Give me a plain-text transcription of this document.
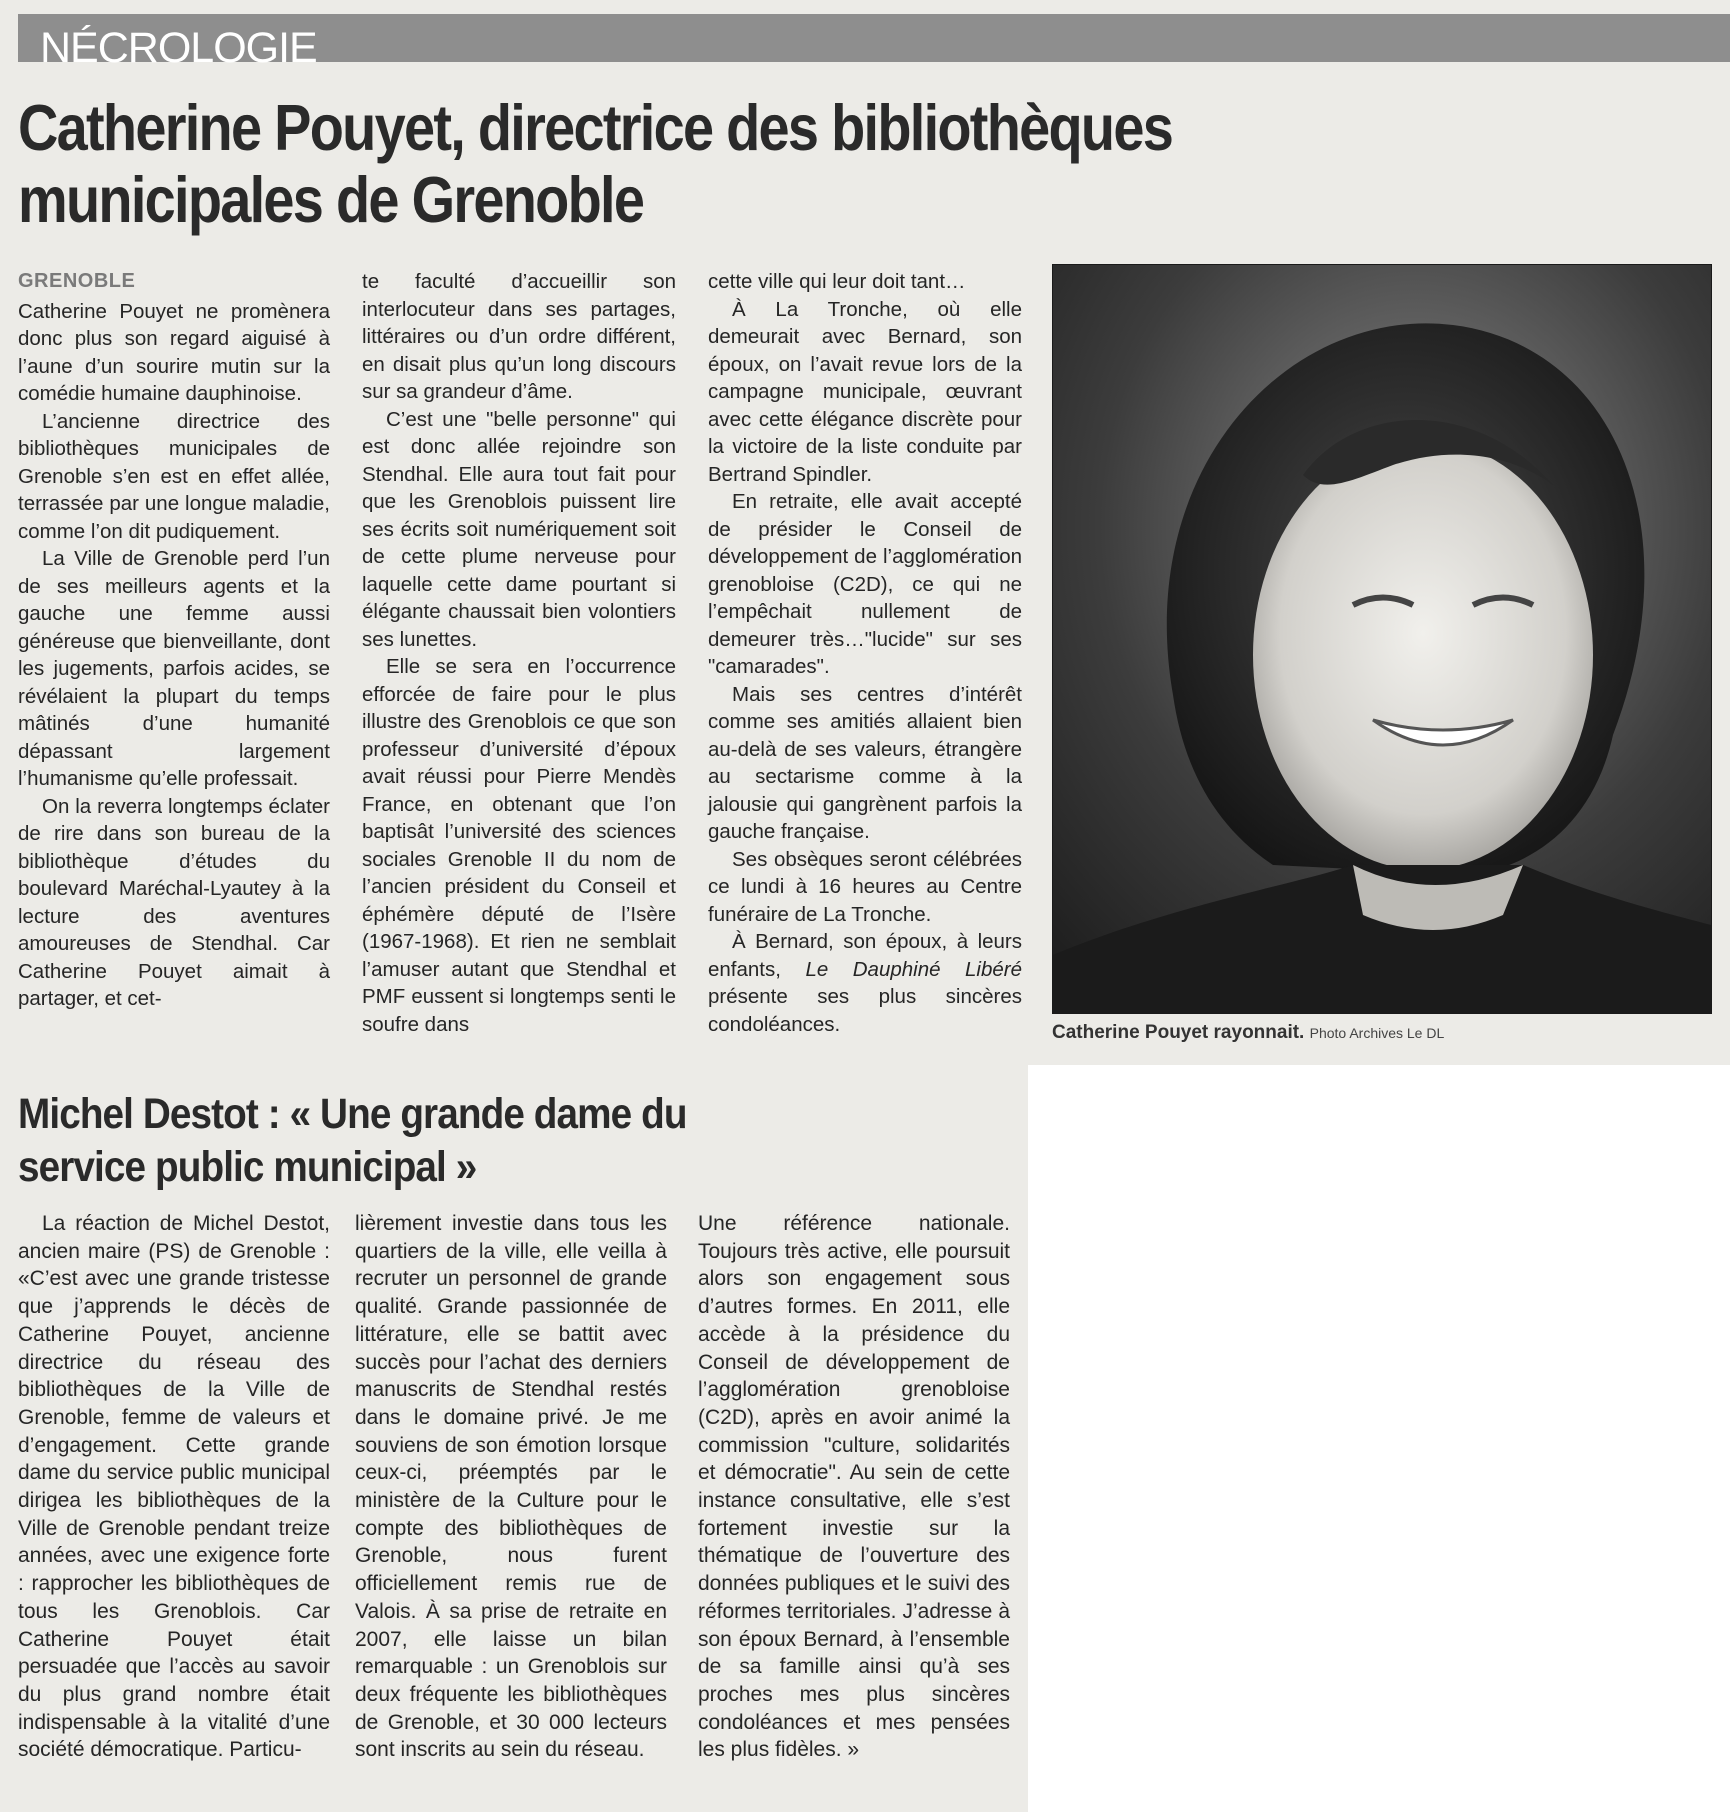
NÉCROLOGIE
Catherine Pouyet, directrice des bibliothèques municipales de Grenoble
GRENOBLE

Catherine Pouyet ne promènera donc plus son regard aiguisé à l’aune d’un sourire mutin sur la comédie humaine dauphinoise.

L’ancienne directrice des bibliothèques municipales de Grenoble s’en est en effet allée, terrassée par une longue maladie, comme l’on dit pudiquement.

La Ville de Grenoble perd l’un de ses meilleurs agents et la gauche une femme aussi généreuse que bienveillante, dont les jugements, parfois acides, se révélaient la plupart du temps mâtinés d’une humanité dépassant largement l’humanisme qu’elle professait.

On la reverra longtemps éclater de rire dans son bureau de la bibliothèque d’études du boulevard Maréchal-Lyautey à la lecture des aventures amoureuses de Stendhal. Car Catherine Pouyet aimait à partager, et cet-

te faculté d’accueillir son interlocuteur dans ses partages, littéraires ou d’un ordre différent, en disait plus qu’un long discours sur sa grandeur d’âme.

C’est une "belle personne" qui est donc allée rejoindre son Stendhal. Elle aura tout fait pour que les Grenoblois puissent lire ses écrits soit numériquement soit de cette plume nerveuse pour laquelle cette dame pourtant si élégante chaussait bien volontiers ses lunettes.

Elle se sera en l’occurrence efforcée de faire pour le plus illustre des Grenoblois ce que son professeur d’université d’époux avait réussi pour Pierre Mendès France, en obtenant que l’on baptisât l’université des sciences sociales Grenoble II du nom de l’ancien président du Conseil et éphémère député de l’Isère (1967-1968). Et rien ne semblait l’amuser autant que Stendhal et PMF eussent si longtemps senti le soufre dans

cette ville qui leur doit tant…

À La Tronche, où elle demeurait avec Bernard, son époux, on l’avait revue lors de la campagne municipale, œuvrant avec cette élégance discrète pour la victoire de la liste conduite par Bertrand Spindler.

En retraite, elle avait accepté de présider le Conseil de développement de l’agglomération grenobloise (C2D), ce qui ne l’empêchait nullement de demeurer très…"lucide" sur ses "camarades".

Mais ses centres d’intérêt comme ses amitiés allaient bien au-delà de ses valeurs, étrangère au sectarisme comme à la jalousie qui gangrènent parfois la gauche française.

Ses obsèques seront célébrées ce lundi à 16 heures au Centre funéraire de La Tronche.

À Bernard, son époux, à leurs enfants, Le Dauphiné Libéré présente ses plus sincères condoléances.	Catherine Pouyet rayonnait. Photo Archives Le DL
Michel Destot : « Une grande dame du service public municipal »

La réaction de Michel Destot, ancien maire (PS) de Grenoble : «C’est avec une grande tristesse que j’apprends le décès de Catherine Pouyet, ancienne directrice du réseau des bibliothèques de la Ville de Grenoble, femme de valeurs et d’engagement. Cette grande dame du service public municipal dirigea les bibliothèques de la Ville de Grenoble pendant treize années, avec une exigence forte : rapprocher les bibliothèques de tous les Grenoblois. Car Catherine Pouyet était persuadée que l’accès au savoir du plus grand nombre était indispensable à la vitalité d’une société démocratique. Particu-

lièrement investie dans tous les quartiers de la ville, elle veilla à recruter un personnel de grande qualité. Grande passionnée de littérature, elle se battit avec succès pour l’achat des derniers manuscrits de Stendhal restés dans le domaine privé. Je me souviens de son émotion lorsque ceux-ci, préemptés par le ministère de la Culture pour le compte des bibliothèques de Grenoble, nous furent officiellement remis rue de Valois. À sa prise de retraite en 2007, elle laisse un bilan remarquable : un Grenoblois sur deux fréquente les bibliothèques de Grenoble, et 30 000 lecteurs sont inscrits au sein du réseau.

Une référence nationale. Toujours très active, elle poursuit alors son engagement sous d’autres formes. En 2011, elle accède à la présidence du Conseil de développement de l’agglomération grenobloise (C2D), après en avoir animé la commission "culture, solidarités et démocratie". Au sein de cette instance consultative, elle s’est fortement investie sur la thématique de l’ouverture des données publiques et le suivi des réformes territoriales. J’adresse à son époux Bernard, à l’ensemble de sa famille ainsi qu’à ses proches mes plus sincères condoléances et mes pensées les plus fidèles. »
